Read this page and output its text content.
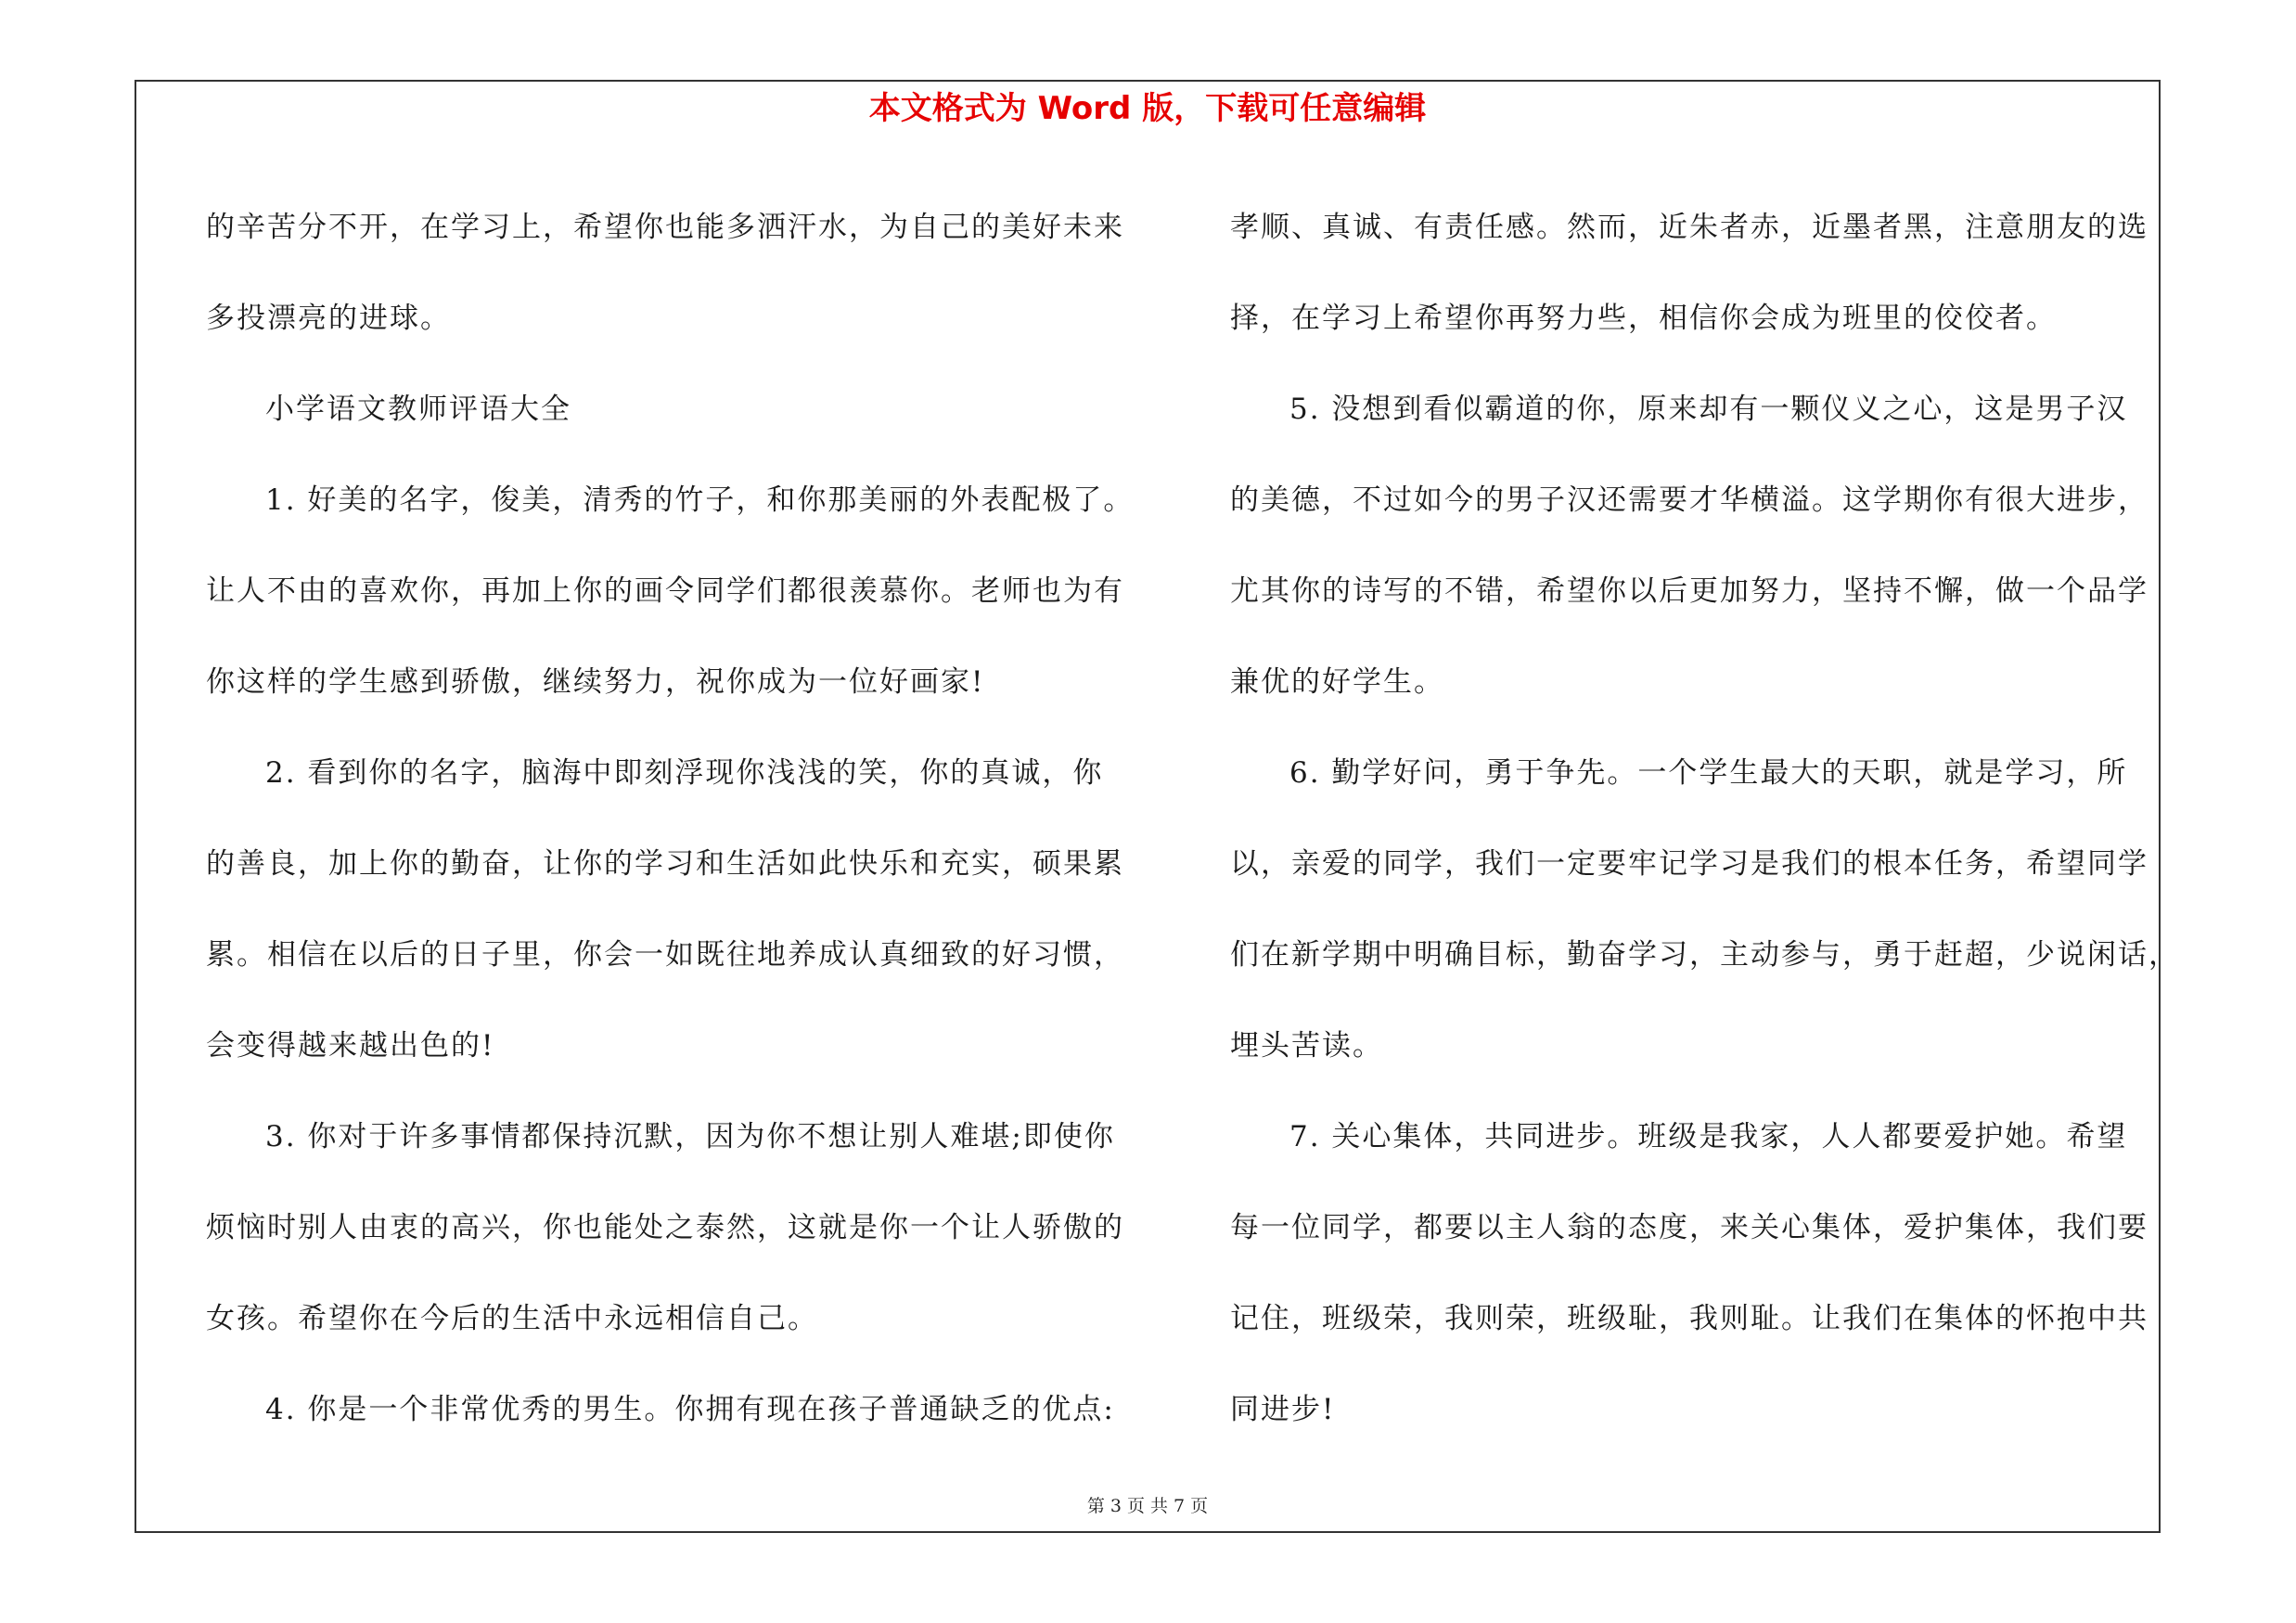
本文格式为 Word 版，下载可任意编辑
的辛苦分不开，在学习上，希望你也能多洒汗水，为自己的美好未来
多投漂亮的进球。
小学语文教师评语大全
1. 好美的名字，俊美，清秀的竹子，和你那美丽的外表配极了。
让人不由的喜欢你，再加上你的画令同学们都很羡慕你。老师也为有
你这样的学生感到骄傲，继续努力，祝你成为一位好画家!
2. 看到你的名字，脑海中即刻浮现你浅浅的笑，你的真诚，你
的善良，加上你的勤奋，让你的学习和生活如此快乐和充实，硕果累
累。相信在以后的日子里，你会一如既往地养成认真细致的好习惯，
会变得越来越出色的!
3. 你对于许多事情都保持沉默，因为你不想让别人难堪;即使你
烦恼时别人由衷的高兴，你也能处之泰然，这就是你一个让人骄傲的
女孩。希望你在今后的生活中永远相信自己。
4. 你是一个非常优秀的男生。你拥有现在孩子普通缺乏的优点:
孝顺、真诚、有责任感。然而，近朱者赤，近墨者黑，注意朋友的选
择，在学习上希望你再努力些，相信你会成为班里的佼佼者。
5. 没想到看似霸道的你，原来却有一颗仪义之心，这是男子汉
的美德，不过如今的男子汉还需要才华横溢。这学期你有很大进步，
尤其你的诗写的不错，希望你以后更加努力，坚持不懈，做一个品学
兼优的好学生。
6. 勤学好问，勇于争先。一个学生最大的天职，就是学习，所
以，亲爱的同学，我们一定要牢记学习是我们的根本任务，希望同学
们在新学期中明确目标，勤奋学习，主动参与，勇于赶超，少说闲话，
埋头苦读。
7. 关心集体，共同进步。班级是我家，人人都要爱护她。希望
每一位同学，都要以主人翁的态度，来关心集体，爱护集体，我们要
记住，班级荣，我则荣，班级耻，我则耻。让我们在集体的怀抱中共
同进步!
第 3 页 共 7 页
